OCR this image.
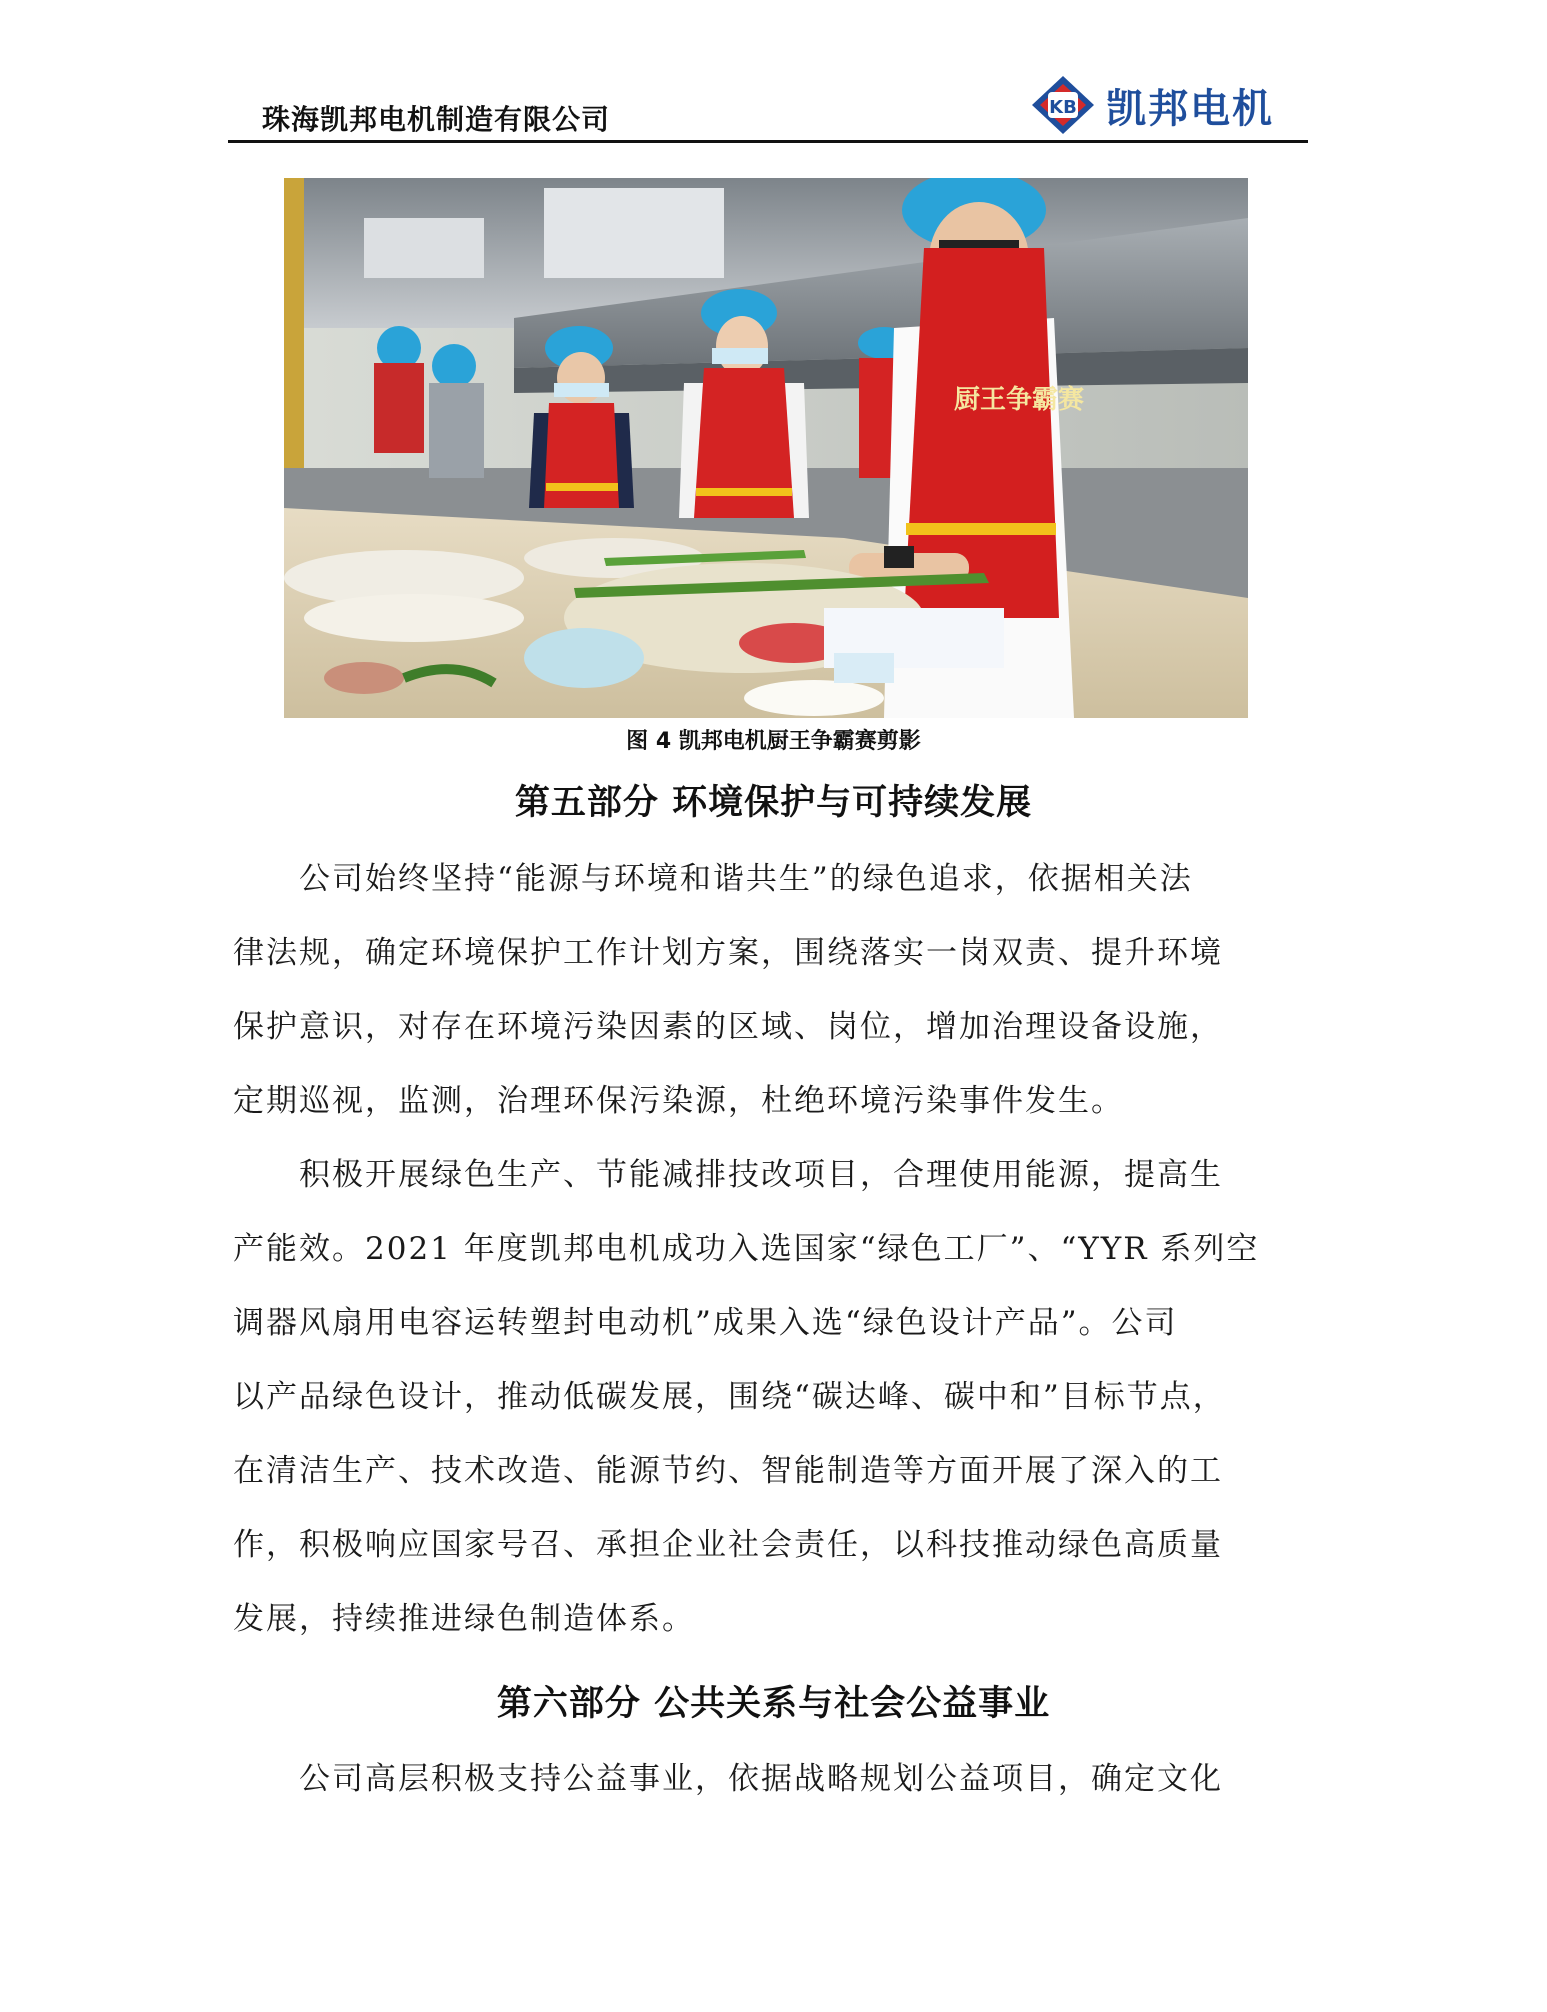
珠海凯邦电机制造有限公司	KB 凯邦电机
厨王争霸赛
图 4 凯邦电机厨王争霸赛剪影
第五部分 环境保护与可持续发展

　　公司始终坚持“能源与环境和谐共生”的绿色追求，依据相关法
律法规，确定环境保护工作计划方案，围绕落实一岗双责、提升环境
保护意识，对存在环境污染因素的区域、岗位，增加治理设备设施，
定期巡视，监测，治理环保污染源，杜绝环境污染事件发生。

　　积极开展绿色生产、节能减排技改项目，合理使用能源，提高生
产能效。2021 年度凯邦电机成功入选国家“绿色工厂”、“YYR 系列空
调器风扇用电容运转塑封电动机”成果入选“绿色设计产品”。公司
以产品绿色设计，推动低碳发展，围绕“碳达峰、碳中和”目标节点，
在清洁生产、技术改造、能源节约、智能制造等方面开展了深入的工
作，积极响应国家号召、承担企业社会责任，以科技推动绿色高质量
发展，持续推进绿色制造体系。

第六部分 公共关系与社会公益事业

　　公司高层积极支持公益事业，依据战略规划公益项目，确定文化
